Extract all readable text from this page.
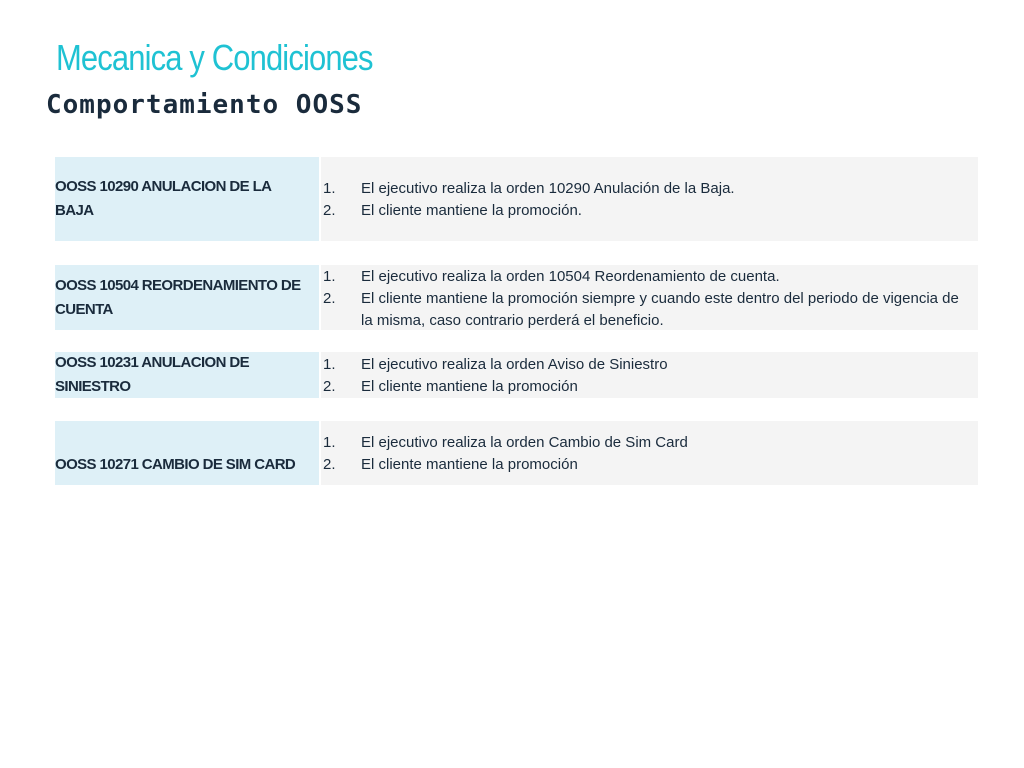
Mecanica y Condiciones
Comportamiento OOSS
OOSS 10290 ANULACION DE LA BAJA
1.	El ejecutivo realiza la orden 10290 Anulación de la Baja.
2.	El cliente mantiene la promoción.
OOSS 10504 REORDENAMIENTO DE CUENTA
1.	El ejecutivo realiza la orden 10504 Reordenamiento de cuenta.
2.	El cliente mantiene la promoción siempre y cuando este dentro del periodo de vigencia de la misma, caso contrario perderá el beneficio.
OOSS 10231 ANULACION DE SINIESTRO
1.	El ejecutivo realiza la orden Aviso de Siniestro
2.	El cliente mantiene la promoción
OOSS 10271 CAMBIO DE SIM CARD
1.	El ejecutivo realiza la orden Cambio de Sim Card
2.	El cliente mantiene la promoción
